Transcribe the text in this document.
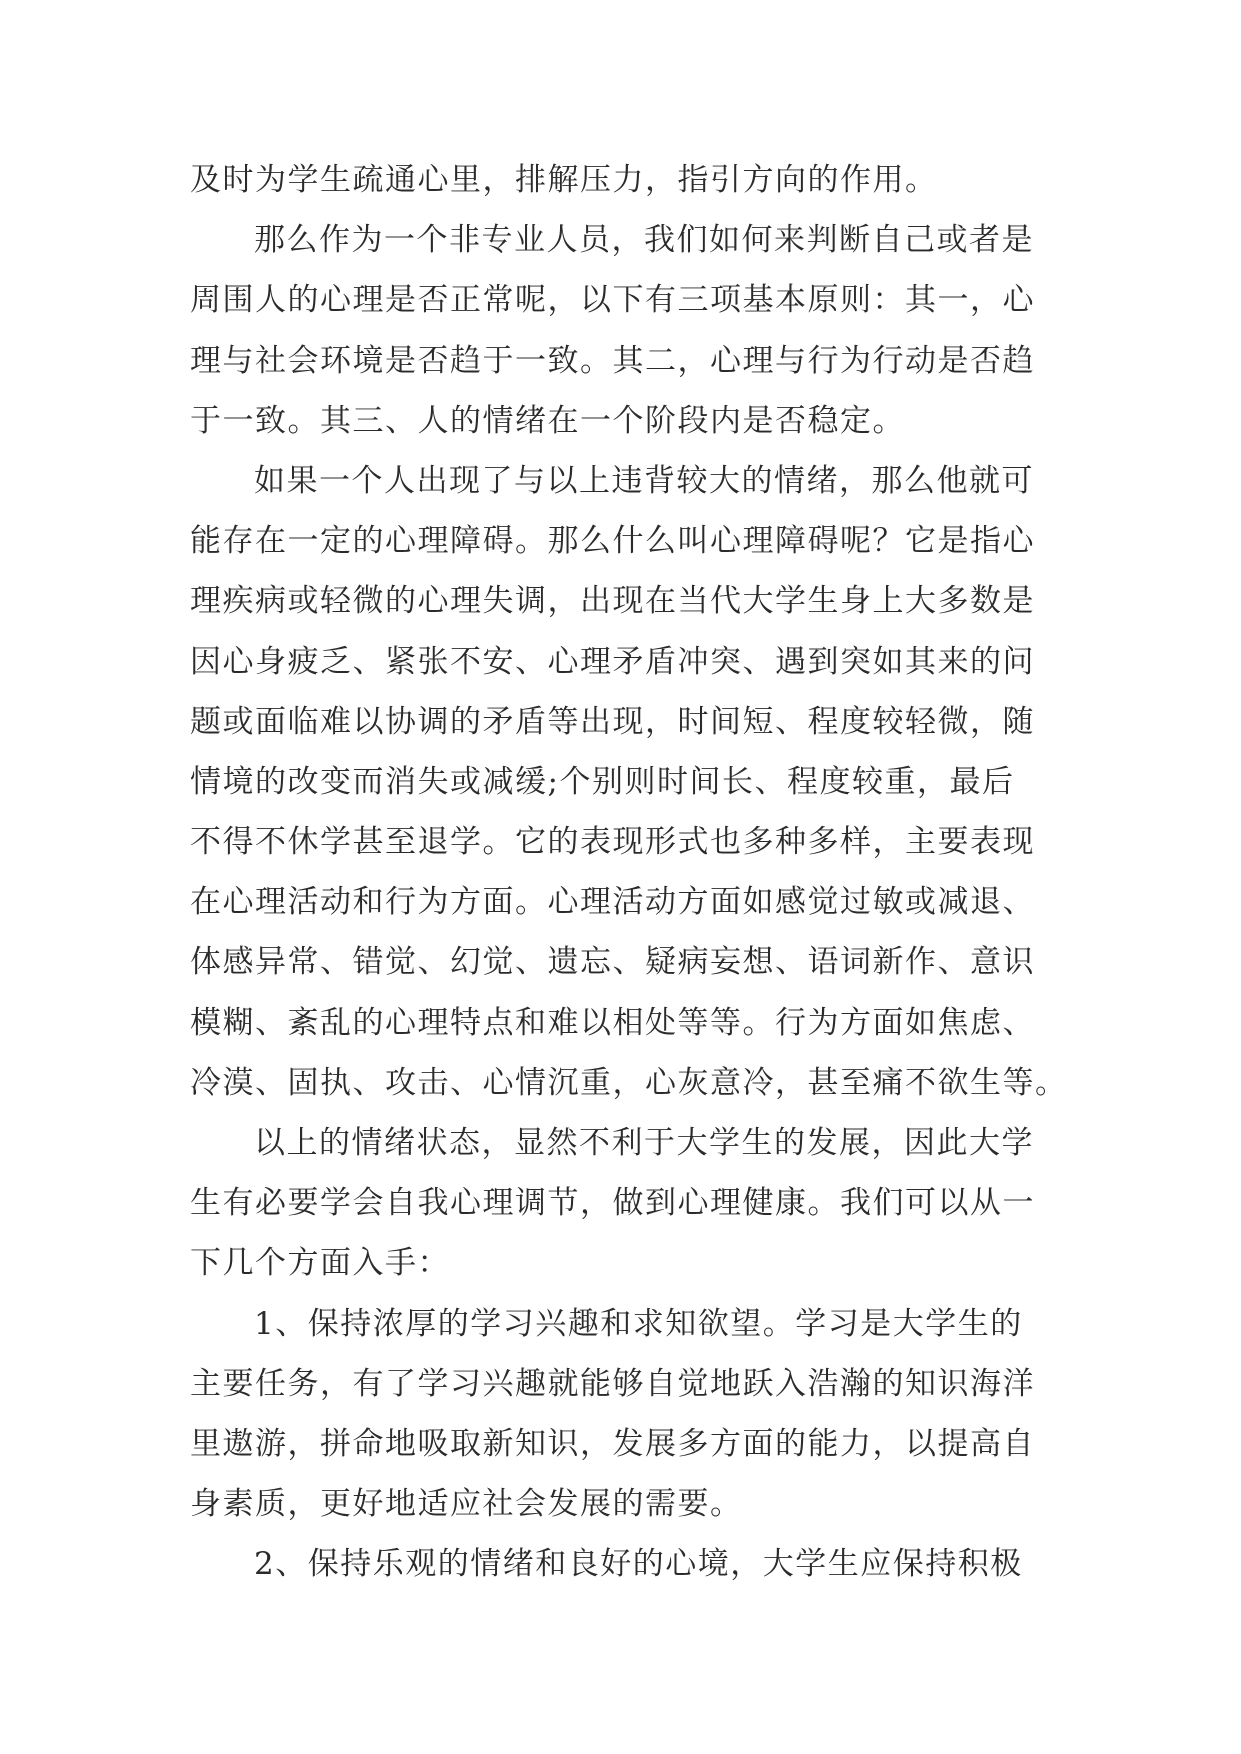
及时为学生疏通心里，排解压力，指引方向的作用。
那么作为一个非专业人员，我们如何来判断自己或者是
周围人的心理是否正常呢，以下有三项基本原则：其一，心
理与社会环境是否趋于一致。其二，心理与行为行动是否趋
于一致。其三、人的情绪在一个阶段内是否稳定。
如果一个人出现了与以上违背较大的情绪，那么他就可
能存在一定的心理障碍。那么什么叫心理障碍呢？它是指心
理疾病或轻微的心理失调，出现在当代大学生身上大多数是
因心身疲乏、紧张不安、心理矛盾冲突、遇到突如其来的问
题或面临难以协调的矛盾等出现，时间短、程度较轻微，随
情境的改变而消失或减缓;个别则时间长、程度较重，最后
不得不休学甚至退学。它的表现形式也多种多样，主要表现
在心理活动和行为方面。心理活动方面如感觉过敏或减退、
体感异常、错觉、幻觉、遗忘、疑病妄想、语词新作、意识
模糊、紊乱的心理特点和难以相处等等。行为方面如焦虑、
冷漠、固执、攻击、心情沉重，心灰意冷，甚至痛不欲生等。
以上的情绪状态，显然不利于大学生的发展，因此大学
生有必要学会自我心理调节，做到心理健康。我们可以从一
下几个方面入手：
1、保持浓厚的学习兴趣和求知欲望。学习是大学生的
主要任务，有了学习兴趣就能够自觉地跃入浩瀚的知识海洋
里遨游，拼命地吸取新知识，发展多方面的能力，以提高自
身素质，更好地适应社会发展的需要。
2、保持乐观的情绪和良好的心境，大学生应保持积极
